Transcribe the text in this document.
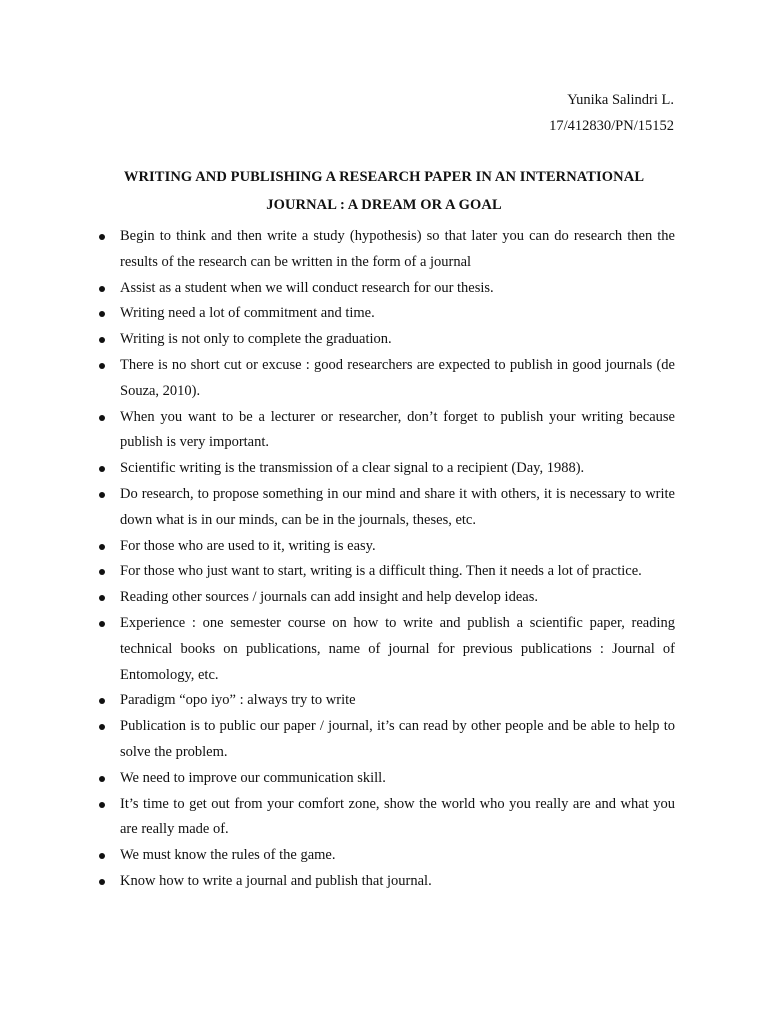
Yunika Salindri L.
17/412830/PN/15152
WRITING AND PUBLISHING A RESEARCH PAPER IN AN INTERNATIONAL
JOURNAL : A DREAM OR A GOAL
Begin to think and then write a study (hypothesis) so that later you can do research then the results of the research can be written in the form of a journal
Assist as a student when we will conduct research for our thesis.
Writing need a lot of commitment and time.
Writing is not only to complete the graduation.
There is no short cut or excuse : good researchers are expected to publish in good journals (de Souza, 2010).
When you want to be a lecturer or researcher, don’t forget to publish your writing because publish is very important.
Scientific writing is the transmission of a clear signal to a recipient (Day, 1988).
Do research, to propose something in our mind and share it with others, it is necessary to write down what is in our minds, can be in the journals, theses, etc.
For those who are used to it, writing is easy.
For those who just want to start, writing is a difficult thing. Then it needs a lot of practice.
Reading other sources / journals can add insight and help develop ideas.
Experience : one semester course on how to write and publish a scientific paper, reading technical books on publications, name of journal for previous publications : Journal of Entomology, etc.
Paradigm “opo iyo” : always try to write
Publication is to public our paper / journal, it’s can read by other people and be able to help to solve the problem.
We need to improve our communication skill.
It’s time to get out from your comfort zone, show the world who you really are and what you are really made of.
We must know the rules of the game.
Know how to write a journal and publish that journal.
